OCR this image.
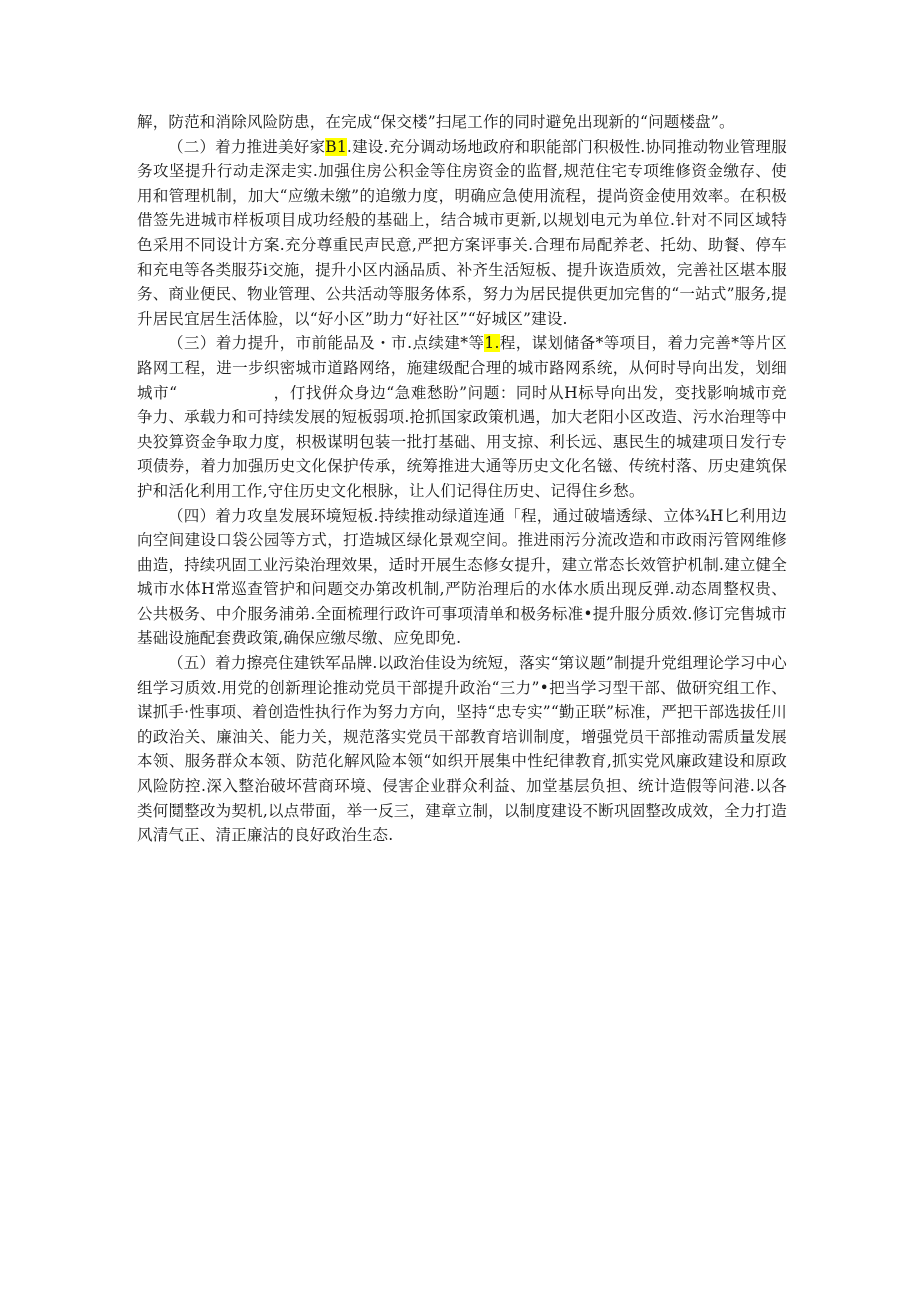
解，防范和消除风险防患，在完成“保交楼”扫尾工作的同时避免出现新的“问题楼盘”。

（二）着力推进美好家B1.建设.充分调动场地政府和职能部门积极性.协同推动物业管理服务攻坚提升行动走深走实.加强住房公积金等住房资金的监督,规范住宅专项维修资金缴存、使用和管理机制，加大“应缴未缴”的追缴力度，明确应急使用流程，提尚资金使用效率。在积极借签先进城市样板项目成功经般的基础上，结合城市更新,以规划电元为单位.针对不同区域特色采用不同设计方案.充分尊重民声民意,严把方案评事关.合理布局配养老、托幼、助餐、停车和充电等各类服芬i交施，提升小区内涵品质、补齐生活短板、提升诙造质效，完善社区堪本服务、商业便民、物业管理、公共活动等服务体系，努力为居民提供更加完售的“一站式”服务,提升居民宜居生活体脸，以“好小区”助力“好社区”“好城区”建设.

（三）着力提升，市前能品及・市.点续建*等1.程，谋划储备*等项目，着力完善*等片区路网工程，进一步织密城市道路网络，施建级配合理的城市路网系统，从何时导向出发，划细城市“	，仃找倂众身边“急难愁盼”问题：同时从H标导向出发，变找影响城市竞争力、承载力和可持续发展的短板弱项.抢抓国家政策机遇，加大老阳小区改造、污水治理等中央狡算资金争取力度，枳极谋明包装一批打基础、用支掠、利长远、惠民生的城建项日发行专项债券，着力加强历史文化保护传承，统筹推进大通等历史文化名镃、传统村落、历史建筑保护和活化利用工作,守住历史文化根脉，让人们记得住历史、记得住乡愁。

（四）着力攻皇发展环境短板.持续推动绿道连通「程，通过破墙透绿、立体¾H匕利用边向空间建设口袋公园等方式，打造城区绿化景观空间。推进雨污分流改造和市政雨污管网维修曲造，持续巩固工业污染治理效果，适时开展生态修女提升，建立常态长效管护机制.建立健全城市水体H常巡查管护和问题交办第改机制,严防治理后的水体水质出现反弹.动态周整权贵、公共极务、中介服务浦弟.全面梳理行政许可事项清单和极务标准•提升服分质效.修订完售城市基础设施配套费政策,确保应缴尽缴、应免即免.

（五）着力擦亮住建铁军品牌.以政治佳设为统短，落实“第议题”制提升党组理论学习中心组学习质效.用党的创新理论推动党员干部提升政治“三力”•把当学习型干部、做研究组工作、谋抓手·性事项、着创造性执行作为努力方向，坚持“忠专实”“勤正联”标准，严把干部选拔任川的政治关、廉油关、能力关，规范落实党员干部教育培训制度，增强党员干部推动需质量发展本领、服务群众本领、防范化解风险本领“如织开展集中性纪律教育,抓实党风廉政建设和原政风险防控.深入整治破坏营商环境、侵害企业群众利益、加堂基层负担、统计造假等问港.以各类何鬩整改为契机,以点带面，举一反三，建章立制，以制度建设不断巩固整改成效，全力打造风清气正、清正廉沽的良好政治生态.
